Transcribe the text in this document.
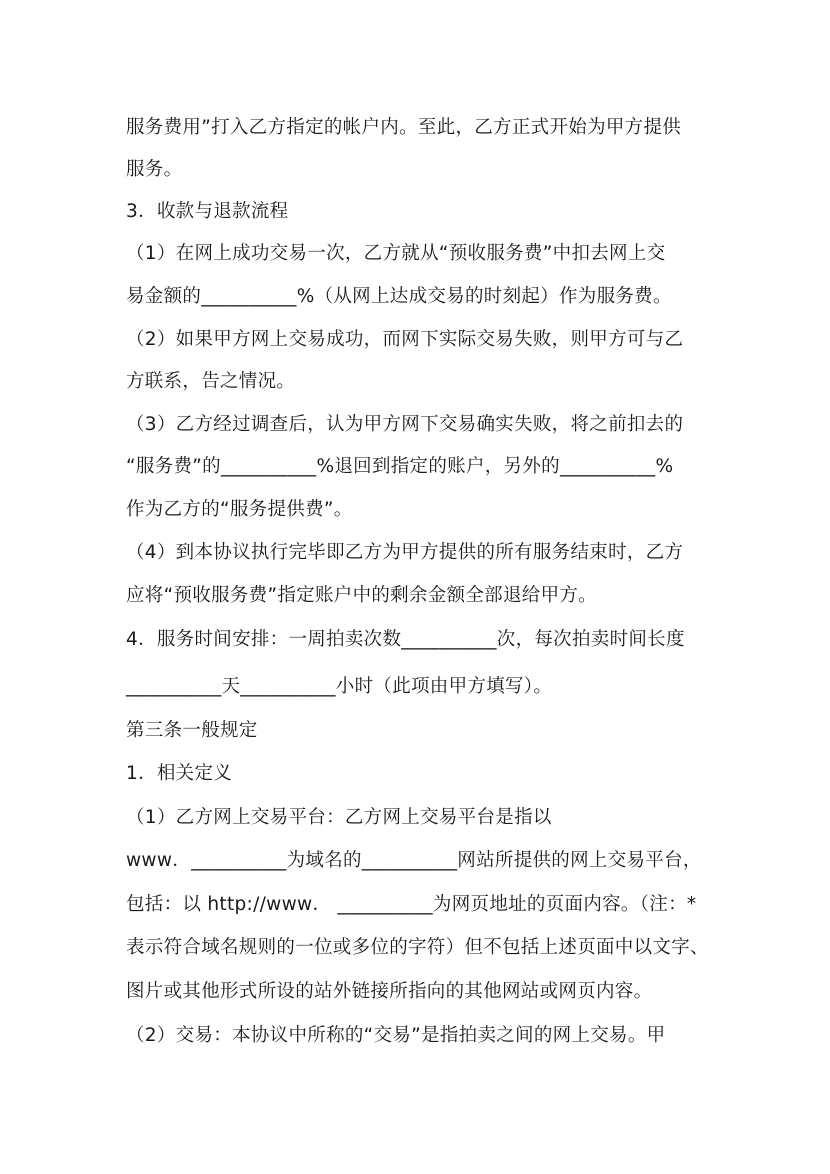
服务费用”打入乙方指定的帐户内。至此，乙方正式开始为甲方提供
服务。
3．收款与退款流程
（1）在网上成功交易一次，乙方就从“预收服务费”中扣去网上交
易金额的__________%（从网上达成交易的时刻起）作为服务费。
（2）如果甲方网上交易成功，而网下实际交易失败，则甲方可与乙
方联系，告之情况。
（3）乙方经过调查后，认为甲方网下交易确实失败，将之前扣去的
“服务费”的__________%退回到指定的账户，另外的__________%
作为乙方的“服务提供费”。
（4）到本协议执行完毕即乙方为甲方提供的所有服务结束时，乙方
应将“预收服务费”指定账户中的剩余金额全部退给甲方。
4．服务时间安排：一周拍卖次数__________次，每次拍卖时间长度
__________天__________小时（此项由甲方填写）。
第三条一般规定
1．相关定义
（1）乙方网上交易平台：乙方网上交易平台是指以
www．__________为域名的__________网站所提供的网上交易平台，
包括：以 http://www． __________为网页地址的页面内容。（注：*
表示符合域名规则的一位或多位的字符）但不包括上述页面中以文字、
图片或其他形式所设的站外链接所指向的其他网站或网页内容。
（2）交易：本协议中所称的“交易”是指拍卖之间的网上交易。甲
